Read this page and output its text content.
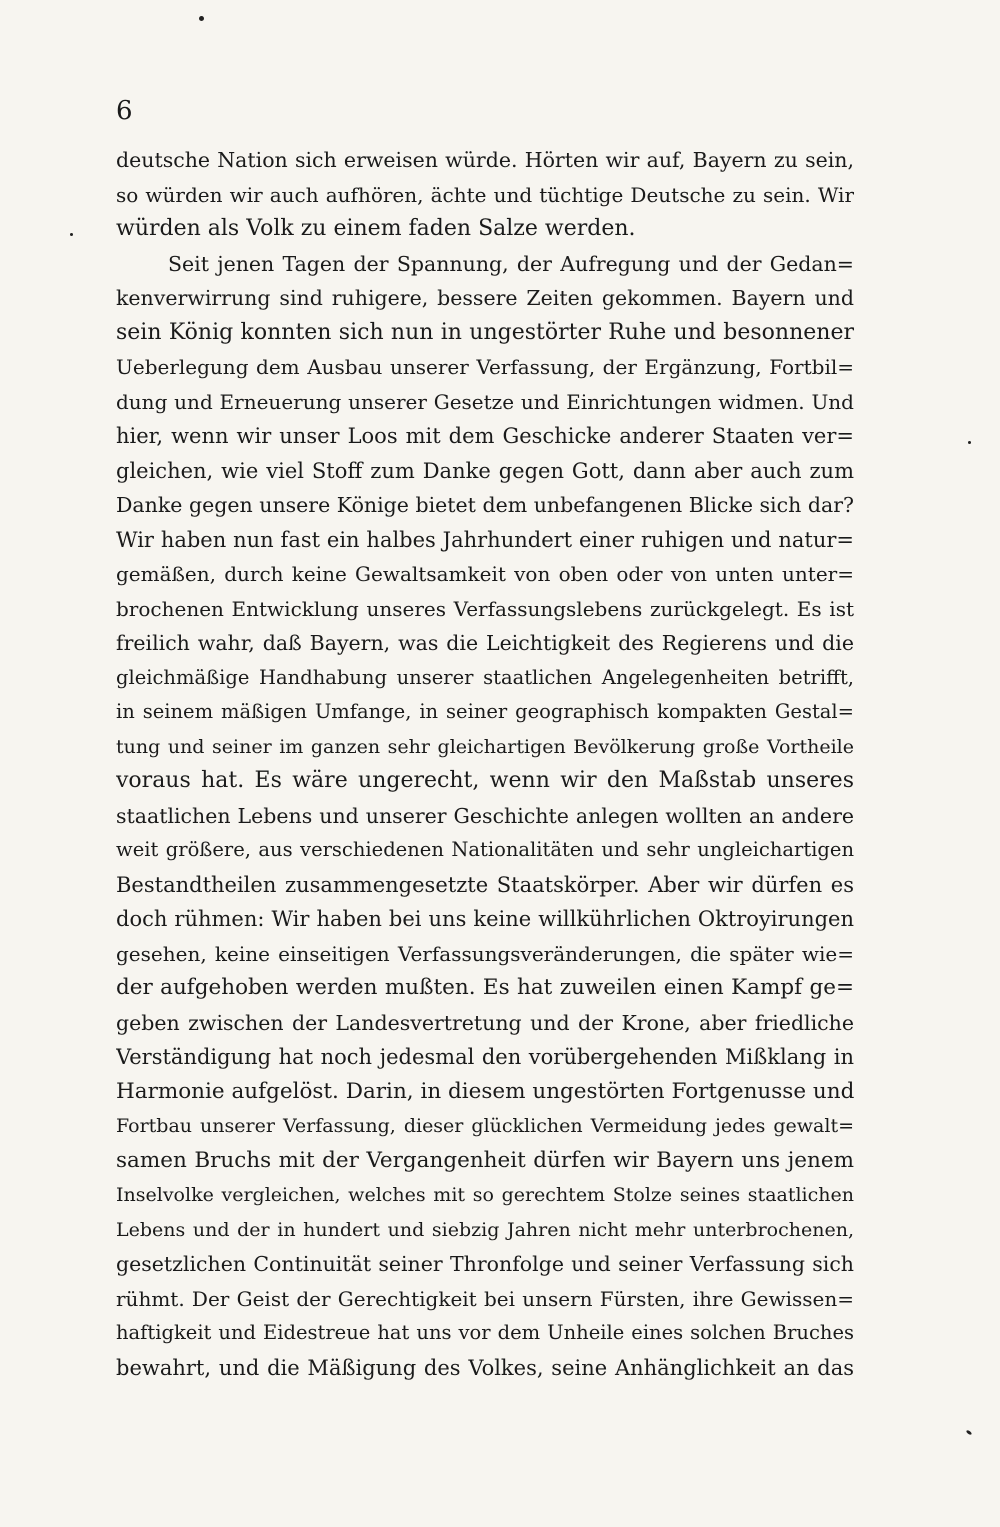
6
deutsche Nation sich erweisen würde. Hörten wir auf, Bayern zu sein,
so würden wir auch aufhören, ächte und tüchtige Deutsche zu sein. Wir
würden als Volk zu einem faden Salze werden.
Seit jenen Tagen der Spannung, der Aufregung und der Gedan=
kenverwirrung sind ruhigere, bessere Zeiten gekommen. Bayern und
sein König konnten sich nun in ungestörter Ruhe und besonnener
Ueberlegung dem Ausbau unserer Verfassung, der Ergänzung, Fortbil=
dung und Erneuerung unserer Gesetze und Einrichtungen widmen. Und
hier, wenn wir unser Loos mit dem Geschicke anderer Staaten ver=
gleichen, wie viel Stoff zum Danke gegen Gott, dann aber auch zum
Danke gegen unsere Könige bietet dem unbefangenen Blicke sich dar?
Wir haben nun fast ein halbes Jahrhundert einer ruhigen und natur=
gemäßen, durch keine Gewaltsamkeit von oben oder von unten unter=
brochenen Entwicklung unseres Verfassungslebens zurückgelegt. Es ist
freilich wahr, daß Bayern, was die Leichtigkeit des Regierens und die
gleichmäßige Handhabung unserer staatlichen Angelegenheiten betrifft,
in seinem mäßigen Umfange, in seiner geographisch kompakten Gestal=
tung und seiner im ganzen sehr gleichartigen Bevölkerung große Vortheile
voraus hat. Es wäre ungerecht, wenn wir den Maßstab unseres
staatlichen Lebens und unserer Geschichte anlegen wollten an andere
weit größere, aus verschiedenen Nationalitäten und sehr ungleichartigen
Bestandtheilen zusammengesetzte Staatskörper. Aber wir dürfen es
doch rühmen: Wir haben bei uns keine willkührlichen Oktroyirungen
gesehen, keine einseitigen Verfassungsveränderungen, die später wie=
der aufgehoben werden mußten. Es hat zuweilen einen Kampf ge=
geben zwischen der Landesvertretung und der Krone, aber friedliche
Verständigung hat noch jedesmal den vorübergehenden Mißklang in
Harmonie aufgelöst. Darin, in diesem ungestörten Fortgenusse und
Fortbau unserer Verfassung, dieser glücklichen Vermeidung jedes gewalt=
samen Bruchs mit der Vergangenheit dürfen wir Bayern uns jenem
Inselvolke vergleichen, welches mit so gerechtem Stolze seines staatlichen
Lebens und der in hundert und siebzig Jahren nicht mehr unterbrochenen,
gesetzlichen Continuität seiner Thronfolge und seiner Verfassung sich
rühmt. Der Geist der Gerechtigkeit bei unsern Fürsten, ihre Gewissen=
haftigkeit und Eidestreue hat uns vor dem Unheile eines solchen Bruches
bewahrt, und die Mäßigung des Volkes, seine Anhänglichkeit an das
